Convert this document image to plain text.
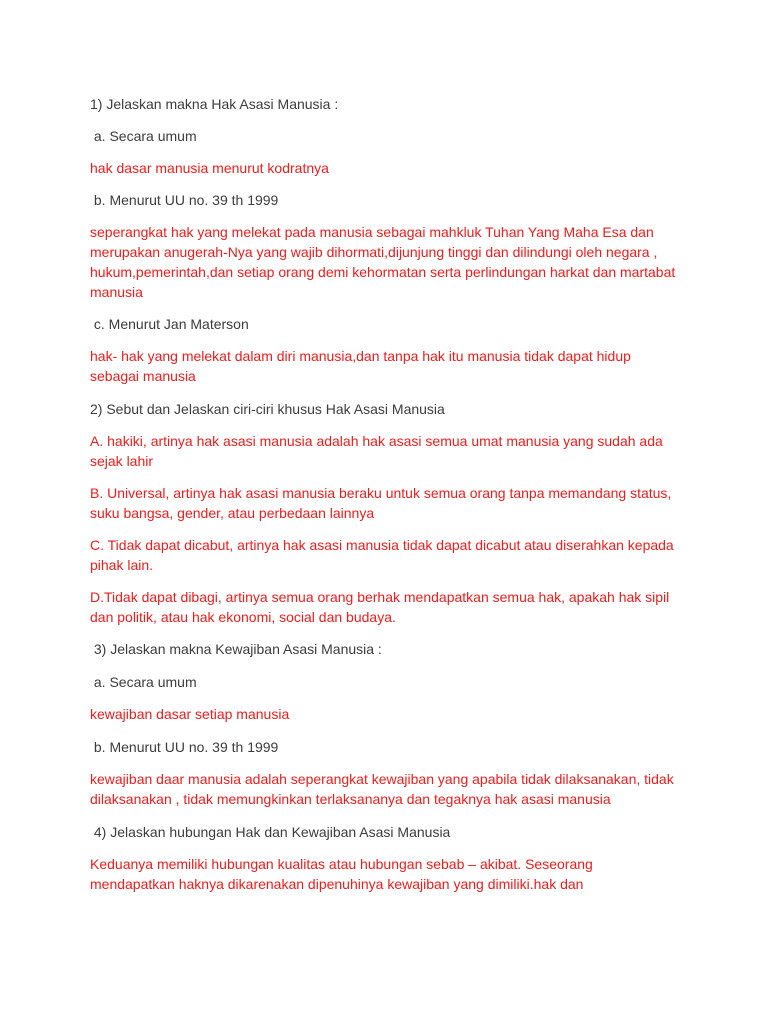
1) Jelaskan makna Hak Asasi Manusia :

a. Secara umum

hak dasar manusia menurut kodratnya

b. Menurut UU no. 39 th 1999

seperangkat hak yang melekat pada manusia sebagai mahkluk Tuhan Yang Maha Esa dan merupakan anugerah-Nya yang wajib dihormati,dijunjung tinggi dan dilindungi oleh negara , hukum,pemerintah,dan setiap orang demi kehormatan serta perlindungan harkat dan martabat manusia

c. Menurut Jan Materson

hak- hak yang melekat dalam diri manusia,dan tanpa hak itu manusia tidak dapat hidup sebagai manusia

2) Sebut dan Jelaskan ciri-ciri khusus Hak Asasi Manusia

A. hakiki, artinya hak asasi manusia adalah hak asasi semua umat manusia yang sudah ada sejak lahir

B. Universal, artinya hak asasi manusia beraku untuk semua orang tanpa memandang status, suku bangsa, gender, atau perbedaan lainnya

C. Tidak dapat dicabut, artinya hak asasi manusia tidak dapat dicabut atau diserahkan kepada pihak lain.

D.Tidak dapat dibagi, artinya semua orang berhak mendapatkan semua hak, apakah hak sipil dan politik, atau hak ekonomi, social dan budaya.

3) Jelaskan makna Kewajiban Asasi Manusia :

a. Secara umum

kewajiban dasar setiap manusia

b. Menurut UU no. 39 th 1999

kewajiban daar manusia adalah seperangkat kewajiban yang apabila tidak dilaksanakan, tidak dilaksanakan , tidak memungkinkan terlaksananya dan tegaknya hak asasi manusia

4) Jelaskan hubungan Hak dan Kewajiban Asasi Manusia

Keduanya memiliki hubungan kualitas atau hubungan sebab – akibat. Seseorang mendapatkan haknya dikarenakan dipenuhinya kewajiban yang dimiliki.hak dan
